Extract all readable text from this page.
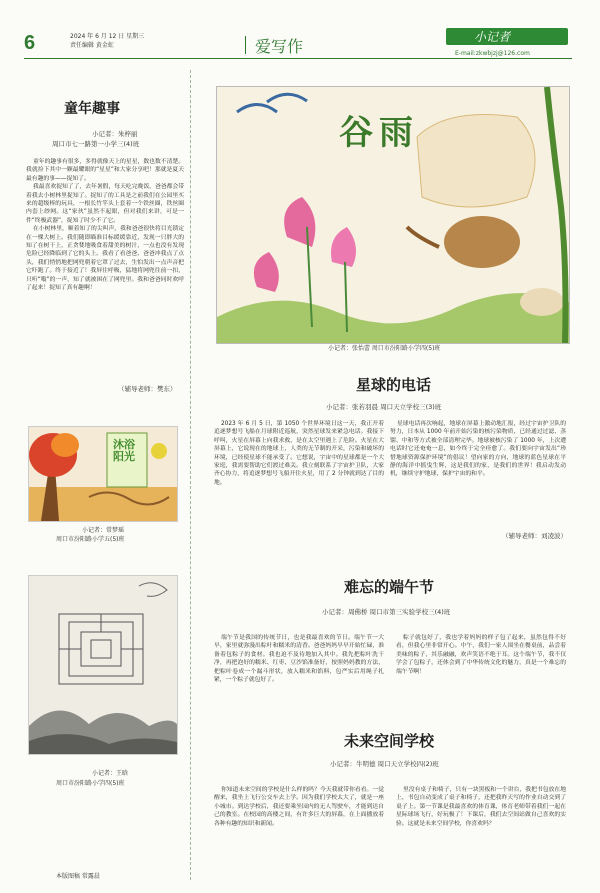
6	2024 年 6 月 12 日 星期三
责任编辑 黄金虹	爱写作	小记者
E-mail:zkwbjzj@126.com
童年趣事
小记者：朱梓丽
周口市七一路第一小学三(4)班

童年的趣事有很多，多得就像天上的星星，数也数不清楚。我就捡下其中一颗最耀眼的“星星”和大家分享吧！那就是夏天最有趣的事——捉知了。

我最喜欢捉知了了，去年暑假，每天吃完晚饭，爸爸都会带着我去小树林里捉知了。捉知了的工具是之前我们在公园里买来的超级棒的玩具，一根长竹竿头上套着一个铁丝圈，铁丝圈内套上纱网。这“家伙”虽然不起眼，但对我们来讲，可是一件“终极武器”，捉知了时少不了它。

在小树林里，顺着知了的尖叫声，我和爸爸很快将目光锁定在一棵大树上。我们随即瞄准目标缓缓靠近，发现一只胖大的知了在树干上，正贪婪地吸食着甜美的树汁，一点也没有发现危险已经降临到了它的头上。我看了看爸爸，爸爸冲我点了点头，我们悄悄地把网兜朝着它罩了过去，生怕发出一点声音把它吓跑了。终于接近了！我屏住呼吸，猛地将网兜往前一扣，只听“嗡”的一声，知了就被困在了网兜里。我和爸爸同时欢呼了起来！捉知了真有趣啊！

（辅导老师：樊东）
沐浴阳光
小记者：常梦瑶
周口市汾阳路小学五(5)班
小记者：王晗
周口市汾阳路小学四(5)班
本版图稿 常露晨
谷雨
小记者：张怡蕾 周口市汾阳路小学四(5)班
星球的电话
小记者：张若羽晨 周口天立学校三(3)班

2023 年 6 月 5 日，第 1050 个世界环境日这一天，我正开着追逐梦想号飞船在月球附近巡航，突然星球发来紧急电话。我接下呼叫，火星在屏幕上向我求救，是在太空里遇上了危险。火星在大屏幕上，它说现在的地球上，人类的无节制的开采，污染和破坏的环境，已经使星球不能承受了。它想说，宇宙中的星球都是一个大家庭，我需要帮助它们渡过难关。我立刻联系了宇宙护卫队，大家齐心协力，将追逐梦想号飞船开往火星，用了 2 分钟就到达了目的地。

星球电话再次响起，地球在屏幕上激动地汇报，经过宇宙护卫队的努力，日本从 1000 年前开始污染的核污染物质，已经通过过滤、蒸馏、中和等方式被全部清理完毕。地球被核污染了 1000 年，上次遭电话时它还奄奄一息，如今终于完全痊愈了。我们要向宇宙发出“珍惜地球资源保护环境”的倡议！望向家的方向，地球的蓝色星球在平静的海洋中摇曳生辉，这是我们的家，是我们的世界！我启动发动机，继续守护地球，保护宇宙的和平。

（辅导老师：刘凌波）
难忘的端午节
小记者：周佛桥 周口市第三实验学校三(4)班

端午节是我国的传统节日，也是我最喜欢的节日。端午节一大早，家里就弥漫出粽叶和糯米的清香。爸爸妈妈早早开始忙碌，准备着包粽子的食材。我也迫不及待地加入其中。我先把粽叶洗干净，再把泡好的糯米、红枣、豆沙馅准备好，按照妈妈教的方法，把粽叶卷成一个漏斗形状，放入糯米和馅料，包严实后用绳子扎紧，一个粽子就包好了。

粽子就包好了，我也学着妈妈的样子包了起来，虽然包得不好看，但我心里非常开心。中午，我们一家人围坐在餐桌前，品尝着美味的粽子，其乐融融，欢声笑语不绝于耳。这个端午节，我不仅学会了包粽子，还体会到了中华传统文化的魅力，真是一个难忘的端午节啊！

未来空间学校
小记者：牛明德 周口天立学校四(2)班

你知道未来空间的学校是什么样的吗？今天我就带你看看。一觉醒来，我坐上飞行公交车去上学。因为我们学校太大了，就是一座小城市。到达学校后，我还要乘坐园内的无人驾驶车，才能到达自己的教室。在校园的高楼之间，有许多巨大的屏幕，在上面播放着各种有趣的知识和新闻。

里没有桌子和椅子，只有一块黑板和一个讲台，我把书包放在地上，书包自动变成了桌子和椅子，还把我昨天写的作业自动交到了桌子上。第一节课是我最喜欢的体育课，体育老师带着我们一起在星际球场飞行，好玩极了！下课后，我们去空间站做自己喜欢的实验。这就是未来空间学校，你喜欢吗？
